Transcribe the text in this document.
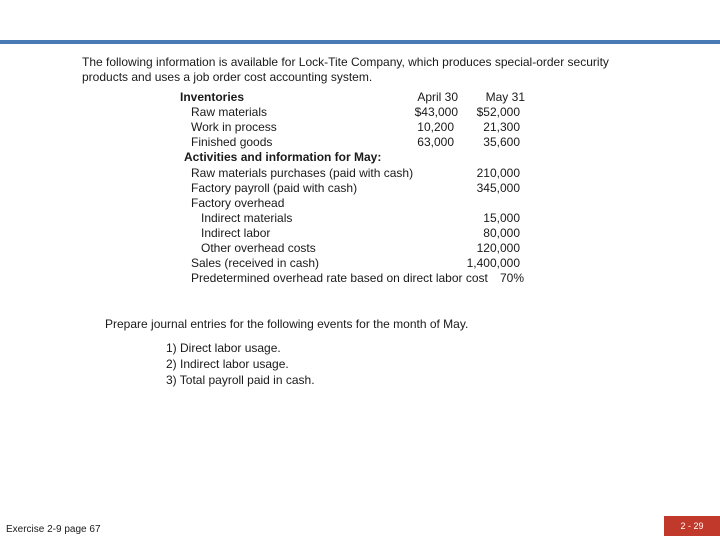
The following information is available for Lock-Tite Company, which produces special-order security products and uses a job order cost accounting system.
Inventories	April 30	May 31
Raw materials	$43,000	$52,000
Work in process	10,200	21,300
Finished goods	63,000	35,600
Activities and information for May:
Raw materials purchases (paid with cash)	210,000
Factory payroll (paid with cash)	345,000
Factory overhead
Indirect materials	15,000
Indirect labor	80,000
Other overhead costs	120,000
Sales (received in cash)	1,400,000
Predetermined overhead rate based on direct labor cost	70%
Prepare journal entries for the following events for the month of May.
1) Direct labor usage.
2) Indirect labor usage.
3) Total payroll paid in cash.
Exercise 2-9 page 67	2 - 29
